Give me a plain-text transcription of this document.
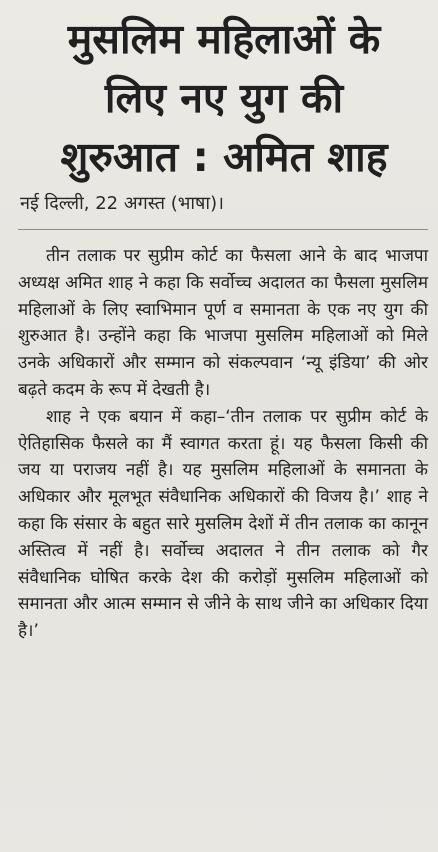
मुसलिम महिलाओं के
लिए नए युग की
शुरुआत : अमित शाह
नई दिल्ली, 22 अगस्त (भाषा)।

तीन तलाक पर सुप्रीम कोर्ट का फैसला आने के बाद भाजपा अध्यक्ष अमित शाह ने कहा कि सर्वोच्च अदालत का फैसला मुसलिम महिलाओं के लिए स्वाभिमान पूर्ण व समानता के एक नए युग की शुरुआत है। उन्होंने कहा कि भाजपा मुसलिम महिलाओं को मिले उनके अधिकारों और सम्मान को संकल्पवान ‘न्यू इंडिया’ की ओर बढ़ते कदम के रूप में देखती है।

शाह ने एक बयान में कहा–‘तीन तलाक पर सुप्रीम कोर्ट के ऐतिहासिक फैसले का मैं स्वागत करता हूं। यह फैसला किसी की जय या पराजय नहीं है। यह मुसलिम महिलाओं के समानता के अधिकार और मूलभूत संवैधानिक अधिकारों की विजय है।’ शाह ने कहा कि संसार के बहुत सारे मुसलिम देशों में तीन तलाक का कानून अस्तित्व में नहीं है। सर्वोच्च अदालत ने तीन तलाक को गैर संवैधानिक घोषित करके देश की करोड़ों मुसलिम महिलाओं को समानता और आत्म सम्मान से जीने के साथ जीने का अधिकार दिया है।’
